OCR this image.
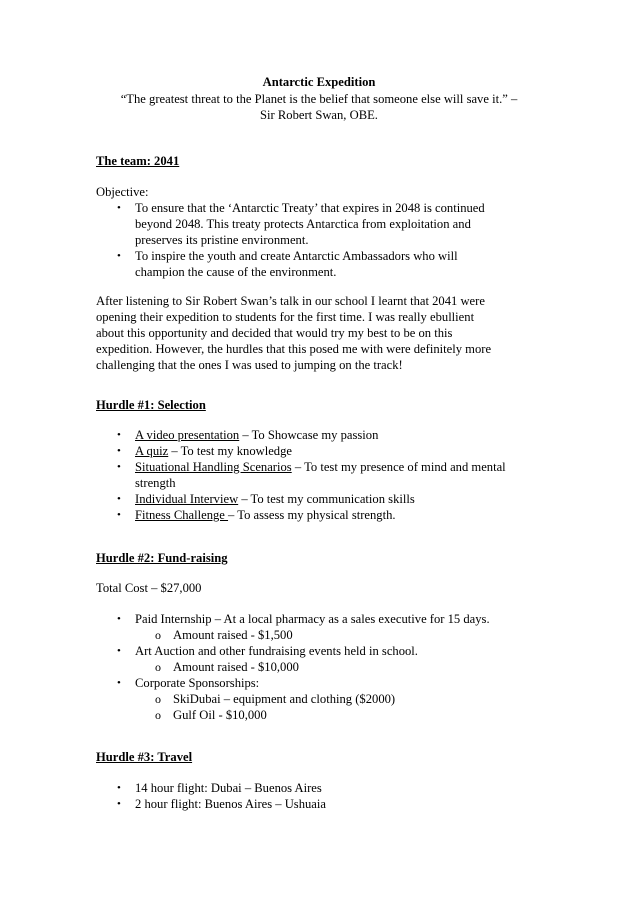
Antarctic Expedition
“The greatest threat to the Planet is the belief that someone else will save it.” –
Sir Robert Swan, OBE.
The team: 2041
Objective:
• To ensure that the ‘Antarctic Treaty’ that expires in 2048 is continued
beyond 2048. This treaty protects Antarctica from exploitation and
preserves its pristine environment.
• To inspire the youth and create Antarctic Ambassadors who will
champion the cause of the environment.
After listening to Sir Robert Swan’s talk in our school I learnt that 2041 were
opening their expedition to students for the first time. I was really ebullient
about this opportunity and decided that would try my best to be on this
expedition. However, the hurdles that this posed me with were definitely more
challenging that the ones I was used to jumping on the track!
Hurdle #1: Selection
• A video presentation – To Showcase my passion
• A quiz – To test my knowledge
• Situational Handling Scenarios – To test my presence of mind and mental
strength
• Individual Interview – To test my communication skills
• Fitness Challenge – To assess my physical strength.
Hurdle #2: Fund-raising
Total Cost – $27,000
• Paid Internship – At a local pharmacy as a sales executive for 15 days.
o Amount raised - $1,500
• Art Auction and other fundraising events held in school.
o Amount raised - $10,000
• Corporate Sponsorships:
o SkiDubai – equipment and clothing ($2000)
o Gulf Oil - $10,000
Hurdle #3: Travel
• 14 hour flight: Dubai – Buenos Aires
• 2 hour flight: Buenos Aires – Ushuaia
